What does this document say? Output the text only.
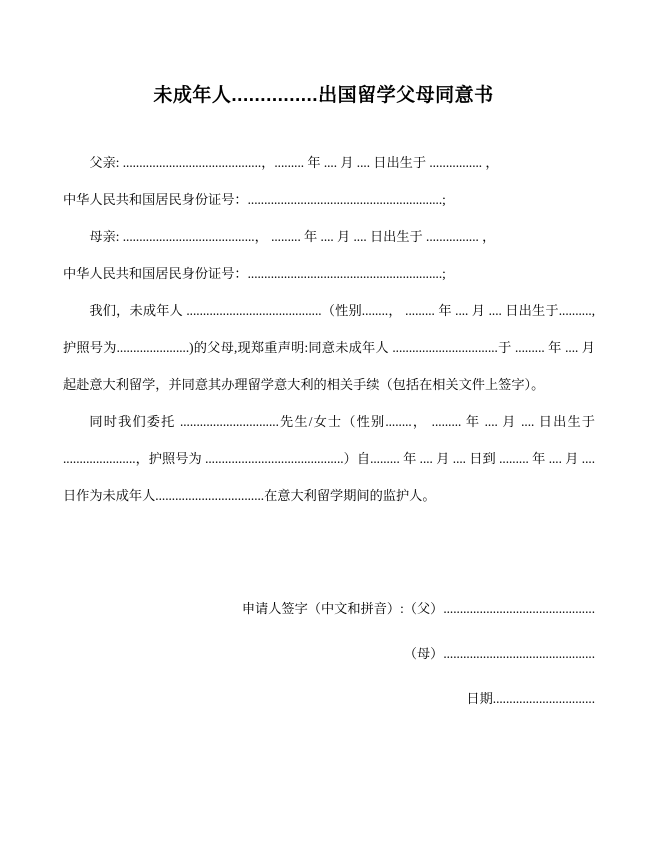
未成年人...............出国留学父母同意书

父亲: ..........................................，......... 年 .... 月 .... 日出生于 ................ ，

中华人民共和国居民身份证号：...........................................................;

母亲: ........................................， ......... 年 .... 月 .... 日出生于 ................ ，

中华人民共和国居民身份证号：...........................................................;

我们，未成年人 .........................................（性别........， ......... 年 .... 月 .... 日出生于..........,护照号为......................)的父母,现郑重声明:同意未成年人 ................................于 ......... 年 .... 月起赴意大利留学，并同意其办理留学意大利的相关手续（包括在相关文件上签字）。

同时我们委托 ..............................先生/女士（性别........， ......... 年 .... 月 .... 日出生于 ......................，护照号为 ..........................................）自......... 年 .... 月 .... 日到 ......... 年 .... 月 .... 日作为未成年人.................................在意大利留学期间的监护人。

申请人签字（中文和拼音）:（父）..............................................

（母）..............................................

日期...............................
